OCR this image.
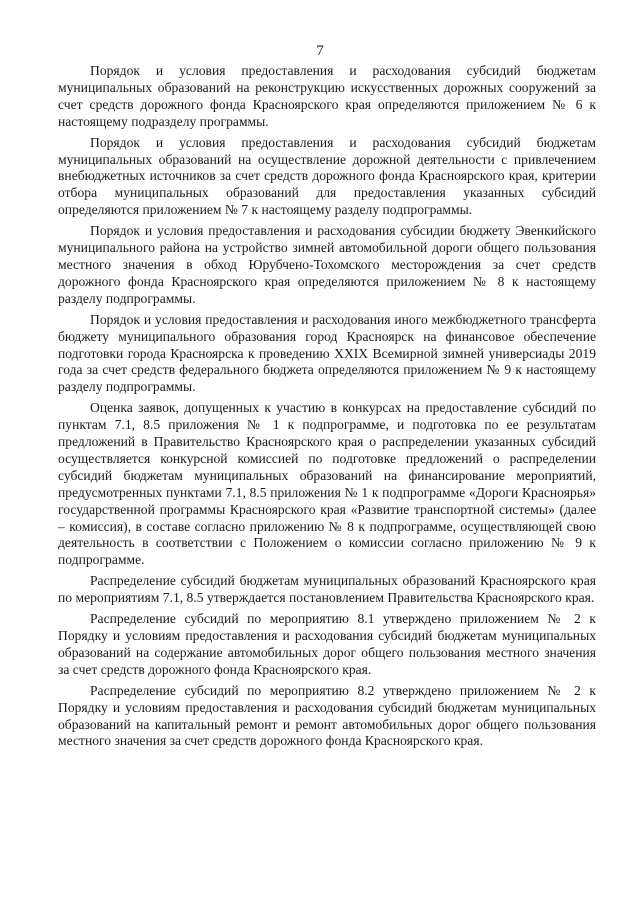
7

Порядок и условия предоставления и расходования субсидий бюджетам муниципальных образований на реконструкцию искусственных дорожных сооружений за счет средств дорожного фонда Красноярского края определяются приложением № 6 к настоящему подразделу программы.

Порядок и условия предоставления и расходования субсидий бюджетам муниципальных образований на осуществление дорожной деятельности с привлечением внебюджетных источников за счет средств дорожного фонда Красноярского края, критерии отбора муниципальных образований для предоставления указанных субсидий определяются приложением № 7 к настоящему разделу подпрограммы.

Порядок и условия предоставления и расходования субсидии бюджету Эвенкийского муниципального района на устройство зимней автомобильной дороги общего пользования местного значения в обход Юрубчено-Тохомского месторождения за счет средств дорожного фонда Красноярского края определяются приложением № 8 к настоящему разделу подпрограммы.

Порядок и условия предоставления и расходования иного межбюджетного трансферта бюджету муниципального образования город Красноярск на финансовое обеспечение подготовки города Красноярска к проведению XXIX Всемирной зимней универсиады 2019 года за счет средств федерального бюджета определяются приложением № 9 к настоящему разделу подпрограммы.

Оценка заявок, допущенных к участию в конкурсах на предоставление субсидий по пунктам 7.1, 8.5 приложения № 1 к подпрограмме, и подготовка по ее результатам предложений в Правительство Красноярского края о распределении указанных субсидий осуществляется конкурсной комиссией по подготовке предложений о распределении субсидий бюджетам муниципальных образований на финансирование мероприятий, предусмотренных пунктами 7.1, 8.5 приложения № 1 к подпрограмме «Дороги Красноярья» государственной программы Красноярского края «Развитие транспортной системы» (далее – комиссия), в составе согласно приложению № 8 к подпрограмме, осуществляющей свою деятельность в соответствии с Положением о комиссии согласно приложению № 9 к подпрограмме.

Распределение субсидий бюджетам муниципальных образований Красноярского края по мероприятиям 7.1, 8.5 утверждается постановлением Правительства Красноярского края.

Распределение субсидий по мероприятию 8.1 утверждено приложением № 2 к Порядку и условиям предоставления и расходования субсидий бюджетам муниципальных образований на содержание автомобильных дорог общего пользования местного значения за счет средств дорожного фонда Красноярского края.

Распределение субсидий по мероприятию 8.2 утверждено приложением № 2 к Порядку и условиям предоставления и расходования субсидий бюджетам муниципальных образований на капитальный ремонт и ремонт автомобильных дорог общего пользования местного значения за счет средств дорожного фонда Красноярского края.
